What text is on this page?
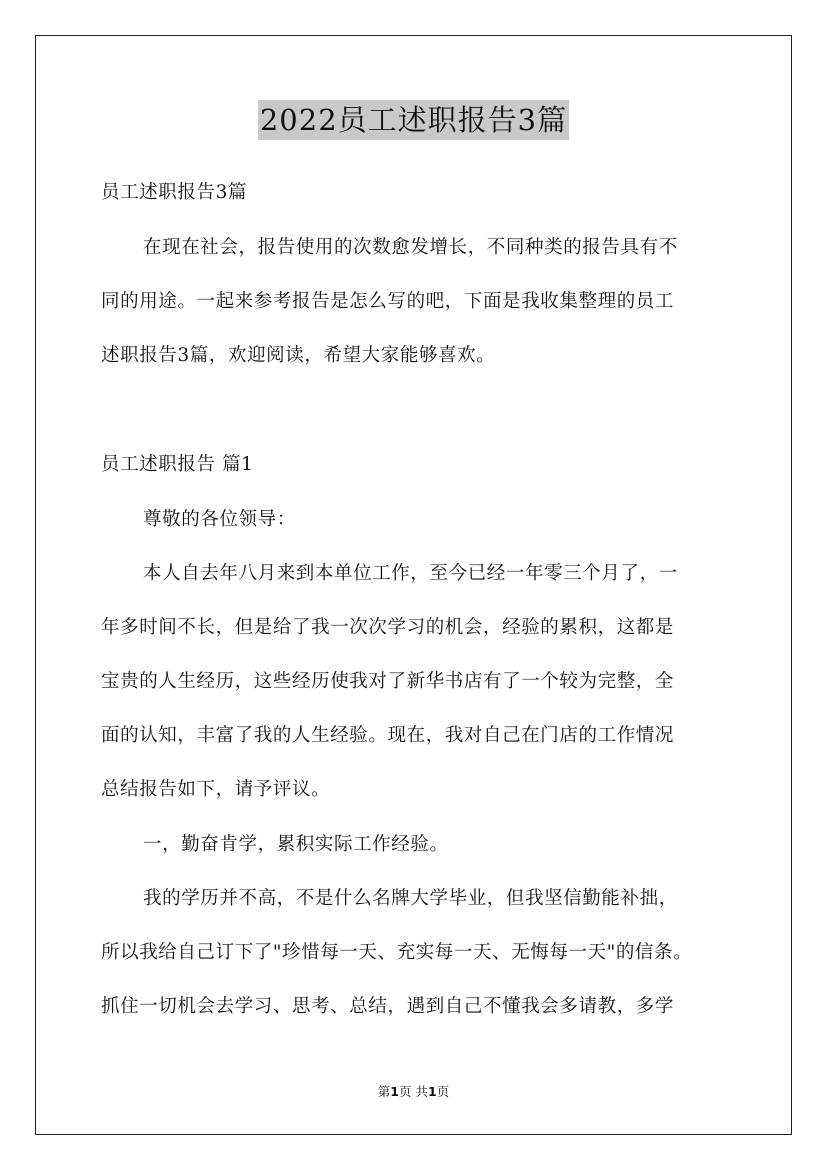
2022员工述职报告3篇
员工述职报告3篇
在现在社会，报告使用的次数愈发增长，不同种类的报告具有不
同的用途。一起来参考报告是怎么写的吧，下面是我收集整理的员工
述职报告3篇，欢迎阅读，希望大家能够喜欢。
员工述职报告 篇1
尊敬的各位领导：
本人自去年八月来到本单位工作，至今已经一年零三个月了，一
年多时间不长，但是给了我一次次学习的机会，经验的累积，这都是
宝贵的人生经历，这些经历使我对了新华书店有了一个较为完整，全
面的认知，丰富了我的人生经验。现在，我对自己在门店的工作情况
总结报告如下，请予评议。
一，勤奋肯学，累积实际工作经验。
我的学历并不高，不是什么名牌大学毕业，但我坚信勤能补拙，
所以我给自己订下了"珍惜每一天、充实每一天、无悔每一天"的信条。
抓住一切机会去学习、思考、总结，遇到自己不懂我会多请教，多学
第1页 共1页
